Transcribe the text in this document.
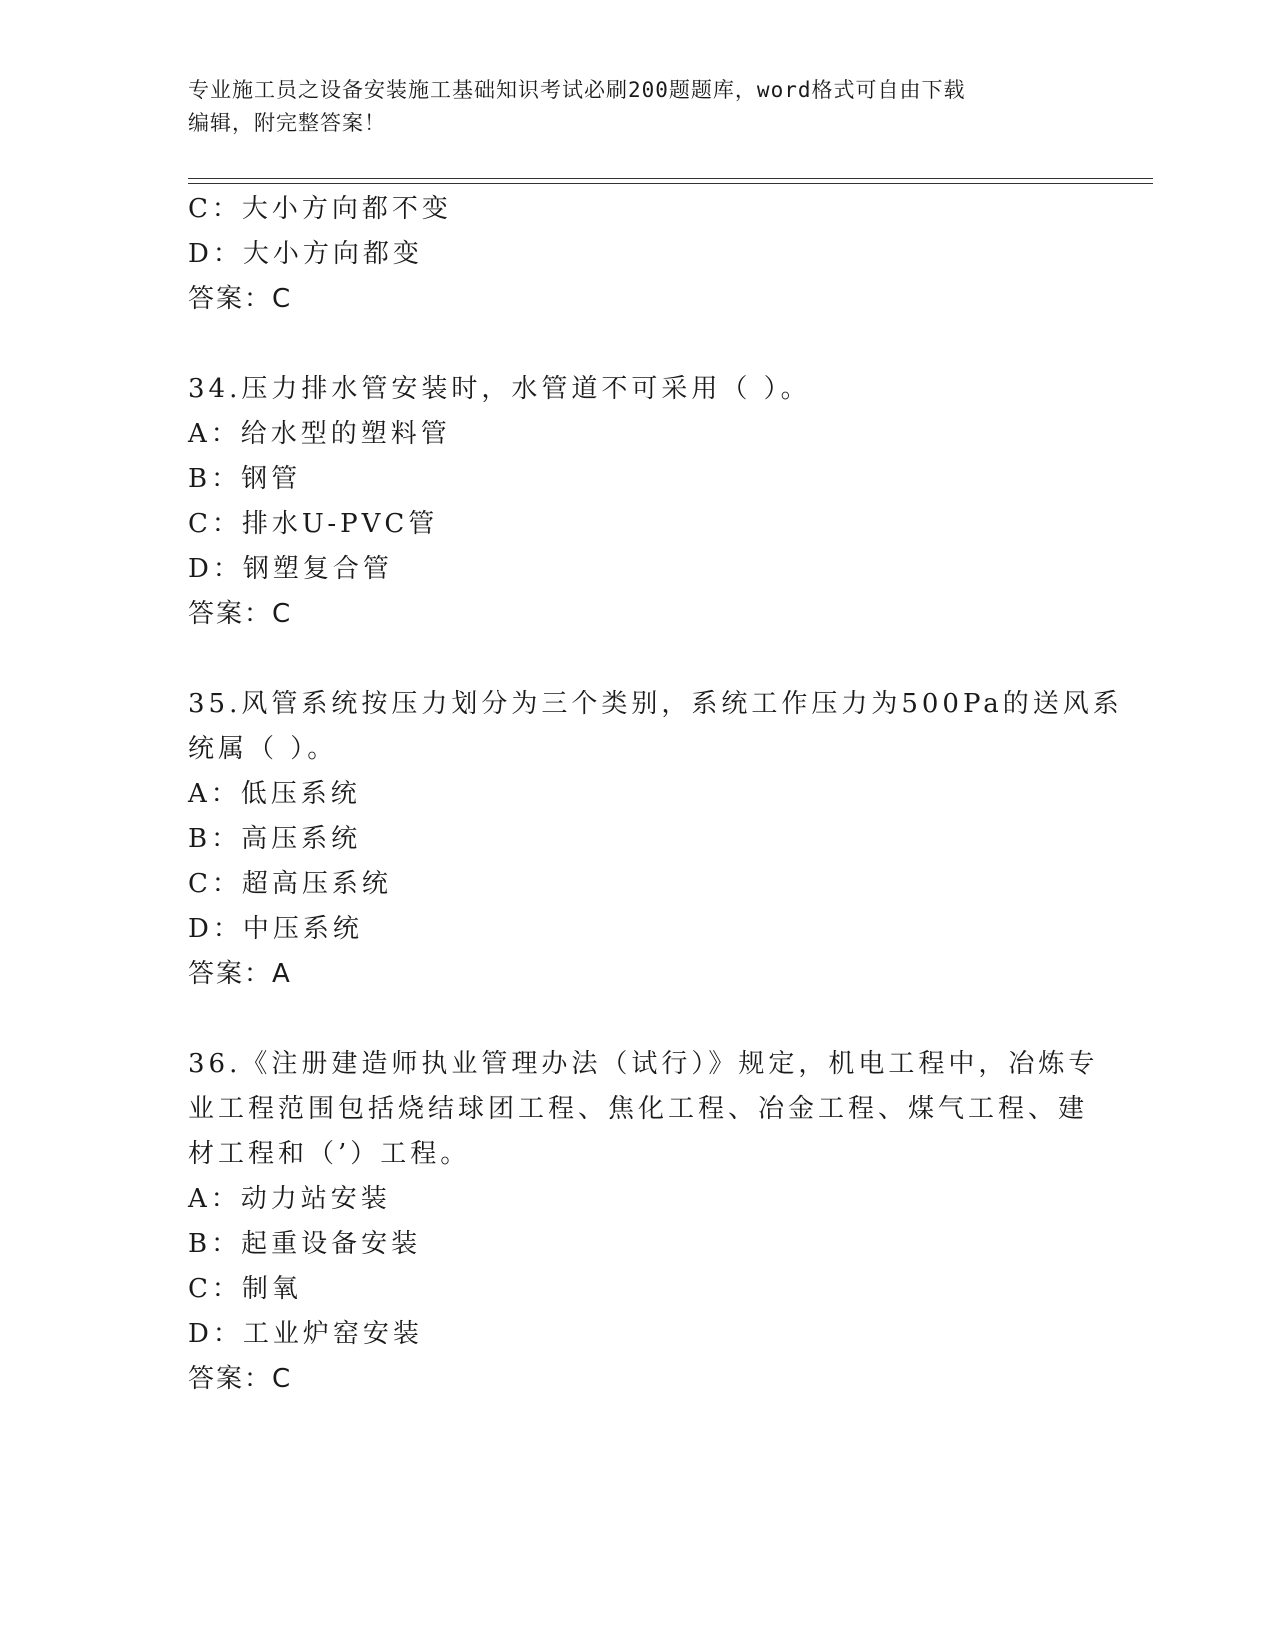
专业施工员之设备安装施工基础知识考试必刷200题题库，word格式可自由下载
编辑，附完整答案！
C：大小方向都不变
D：大小方向都变
答案：C
34.压力排水管安装时，水管道不可采用（ ）。
A：给水型的塑料管
B：钢管
C：排水U-PVC管
D：钢塑复合管
答案：C
35.风管系统按压力划分为三个类别，系统工作压力为500Pa的送风系
统属（ ）。
A：低压系统
B：高压系统
C：超高压系统
D：中压系统
答案：A
36.《注册建造师执业管理办法（试行）》规定，机电工程中，冶炼专
业工程范围包括烧结球团工程、焦化工程、冶金工程、煤气工程、建
材工程和（’）工程。
A：动力站安装
B：起重设备安装
C：制氧
D：工业炉窑安装
答案：C
